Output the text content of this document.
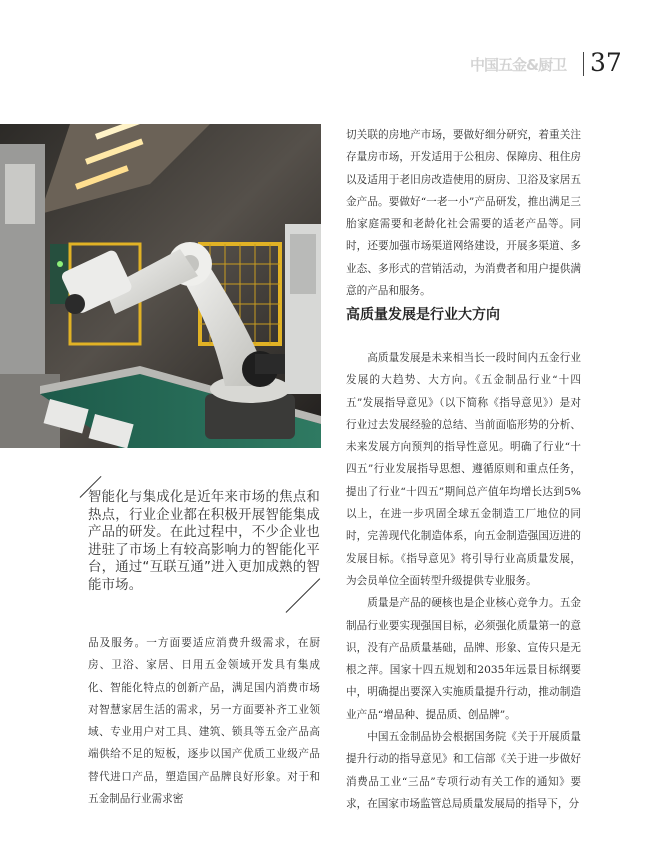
中国五金&厨卫 37
智能化与集成化是近年来市场的焦点和热点，行业企业都在积极开展智能集成产品的研发。在此过程中，不少企业也进驻了市场上有较高影响力的智能化平台，通过“互联互通”进入更加成熟的智能市场。

品及服务。一方面要适应消费升级需求，在厨房、卫浴、家居、日用五金领域开发具有集成化、智能化特点的创新产品，满足国内消费市场对智慧家居生活的需求，另一方面要补齐工业领域、专业用户对工具、建筑、锁具等五金产品高端供给不足的短板，逐步以国产优质工业级产品替代进口产品，塑造国产品牌良好形象。对于和五金制品行业需求密

切关联的房地产市场，要做好细分研究，着重关注存量房市场，开发适用于公租房、保障房、租住房以及适用于老旧房改造使用的厨房、卫浴及家居五金产品。要做好“一老一小”产品研发，推出满足三胎家庭需要和老龄化社会需要的适老产品等。同时，还要加强市场渠道网络建设，开展多渠道、多业态、多形式的营销活动，为消费者和用户提供满意的产品和服务。

高质量发展是行业大方向

高质量发展是未来相当长一段时间内五金行业发展的大趋势、大方向。《五金制品行业“十四五”发展指导意见》（以下简称《指导意见》）是对行业过去发展经验的总结、当前面临形势的分析、未来发展方向预判的指导性意见。明确了行业“十四五”行业发展指导思想、遵循原则和重点任务，提出了行业“十四五”期间总产值年均增长达到5%以上，在进一步巩固全球五金制造工厂地位的同时，完善现代化制造体系，向五金制造强国迈进的发展目标。《指导意见》将引导行业高质量发展，为会员单位全面转型升级提供专业服务。

质量是产品的硬核也是企业核心竞争力。五金制品行业要实现强国目标，必须强化质量第一的意识，没有产品质量基础，品牌、形象、宣传只是无根之萍。国家十四五规划和2035年远景目标纲要中，明确提出要深入实施质量提升行动，推动制造业产品“增品种、提品质、创品牌”。

中国五金制品协会根据国务院《关于开展质量提升行动的指导意见》和工信部《关于进一步做好消费品工业“三品”专项行动有关工作的通知》要求，在国家市场监管总局质量发展局的指导下，分
